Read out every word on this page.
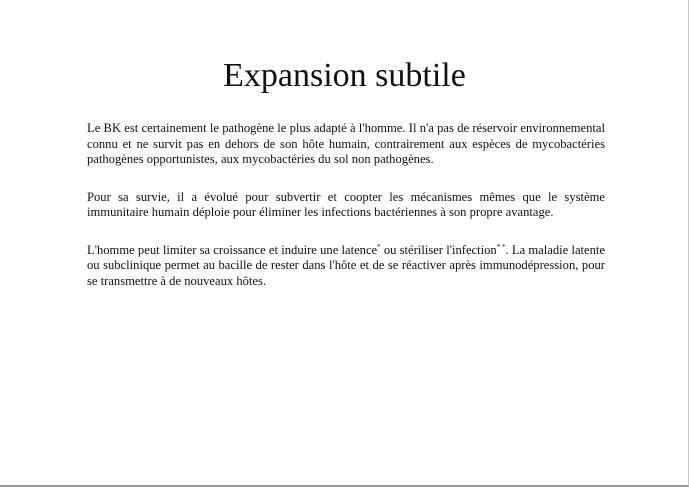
Expansion subtile

Le BK est certainement le pathogène le plus adapté à l'homme. Il n'a pas de réservoir environnemental connu et ne survit pas en dehors de son hôte humain, contrairement aux espèces de mycobactéries pathogènes opportunistes, aux mycobactéries du sol non pathogènes.

Pour sa survie, il a évolué pour subvertir et coopter les mécanismes mêmes que le système immunitaire humain déploie pour éliminer les infections bactériennes à son propre avantage.

L'homme peut limiter sa croissance et induire une latence* ou stériliser l'infection* *. La maladie latente ou subclinique permet au bacille de rester dans l'hôte et de se réactiver après immunodépression, pour se transmettre à de nouveaux hôtes.
